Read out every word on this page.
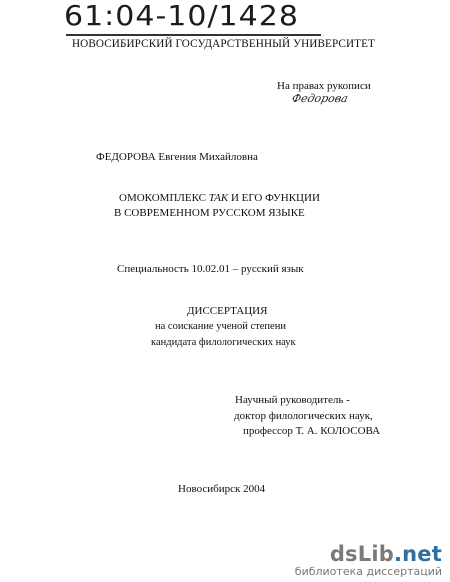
61:04-10/1428
НОВОСИБИРСКИЙ ГОСУДАРСТВЕННЫЙ УНИВЕРСИТЕТ
На правах рукописи
Федорова
ФЕДОРОВА Евгения Михайловна
ОМОКОМПЛЕКС ТАК И ЕГО ФУНКЦИИ
В СОВРЕМЕННОМ РУССКОМ ЯЗЫКЕ
Специальность 10.02.01 – русский язык
ДИССЕРТАЦИЯ
на соискание ученой степени
кандидата филологических наук
Научный руководитель -
доктор филологических наук,
профессор Т. А. КОЛОСОВА
Новосибирск 2004
dsLib.net
библиотека диссертаций
